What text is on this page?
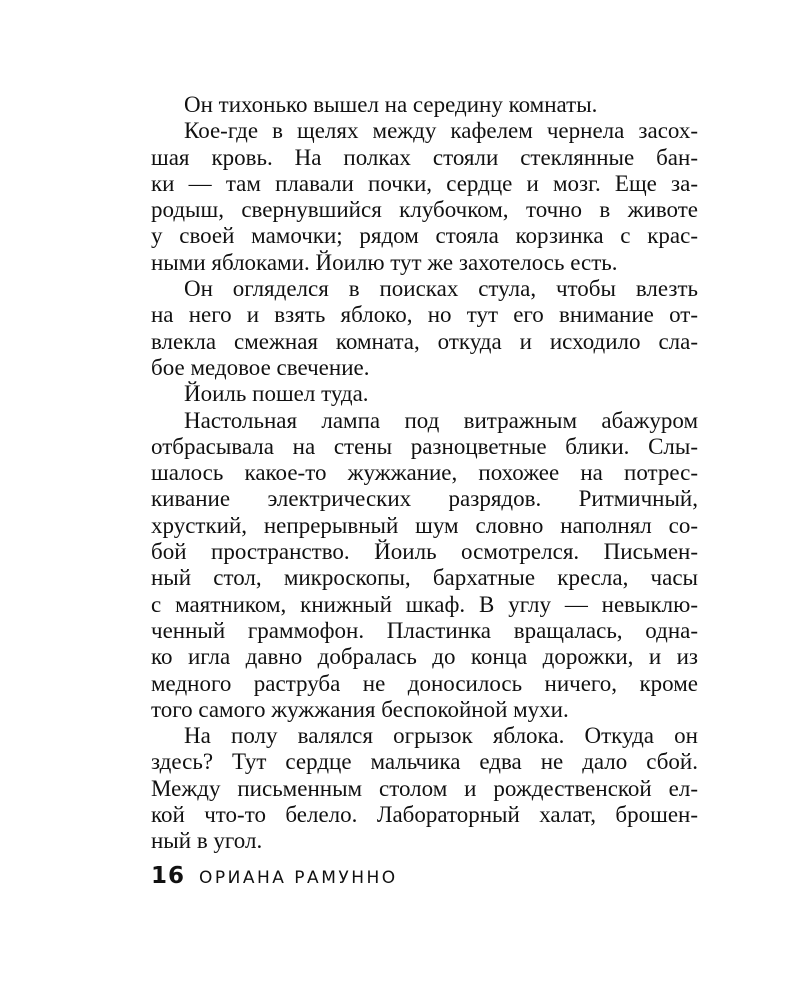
Он тихонько вышел на середину комнаты.

Кое-где в щелях между кафелем чернела засох-
шая кровь. На полках стояли стеклянные бан-
ки — там плавали почки, сердце и мозг. Еще за-
родыш, свернувшийся клубочком, точно в животе
у своей мамочки; рядом стояла корзинка с крас-
ными яблоками. Йоилю тут же захотелось есть.

Он огляделся в поисках стула, чтобы влезть
на него и взять яблоко, но тут его внимание от-
влекла смежная комната, откуда и исходило сла-
бое медовое свечение.

Йоиль пошел туда.

Настольная лампа под витражным абажуром
отбрасывала на стены разноцветные блики. Слы-
шалось какое-то жужжание, похожее на потрес-
кивание электрических разрядов. Ритмичный,
хрусткий, непрерывный шум словно наполнял со-
бой пространство. Йоиль осмотрелся. Письмен-
ный стол, микроскопы, бархатные кресла, часы
с маятником, книжный шкаф. В углу — невыклю-
ченный граммофон. Пластинка вращалась, одна-
ко игла давно добралась до конца дорожки, и из
медного раструба не доносилось ничего, кроме
того самого жужжания беспокойной мухи.

На полу валялся огрызок яблока. Откуда он
здесь? Тут сердце мальчика едва не дало сбой.
Между письменным столом и рождественской ел-
кой что-то белело. Лабораторный халат, брошен-
ный в угол.

16 ОРИАНА РАМУННО
